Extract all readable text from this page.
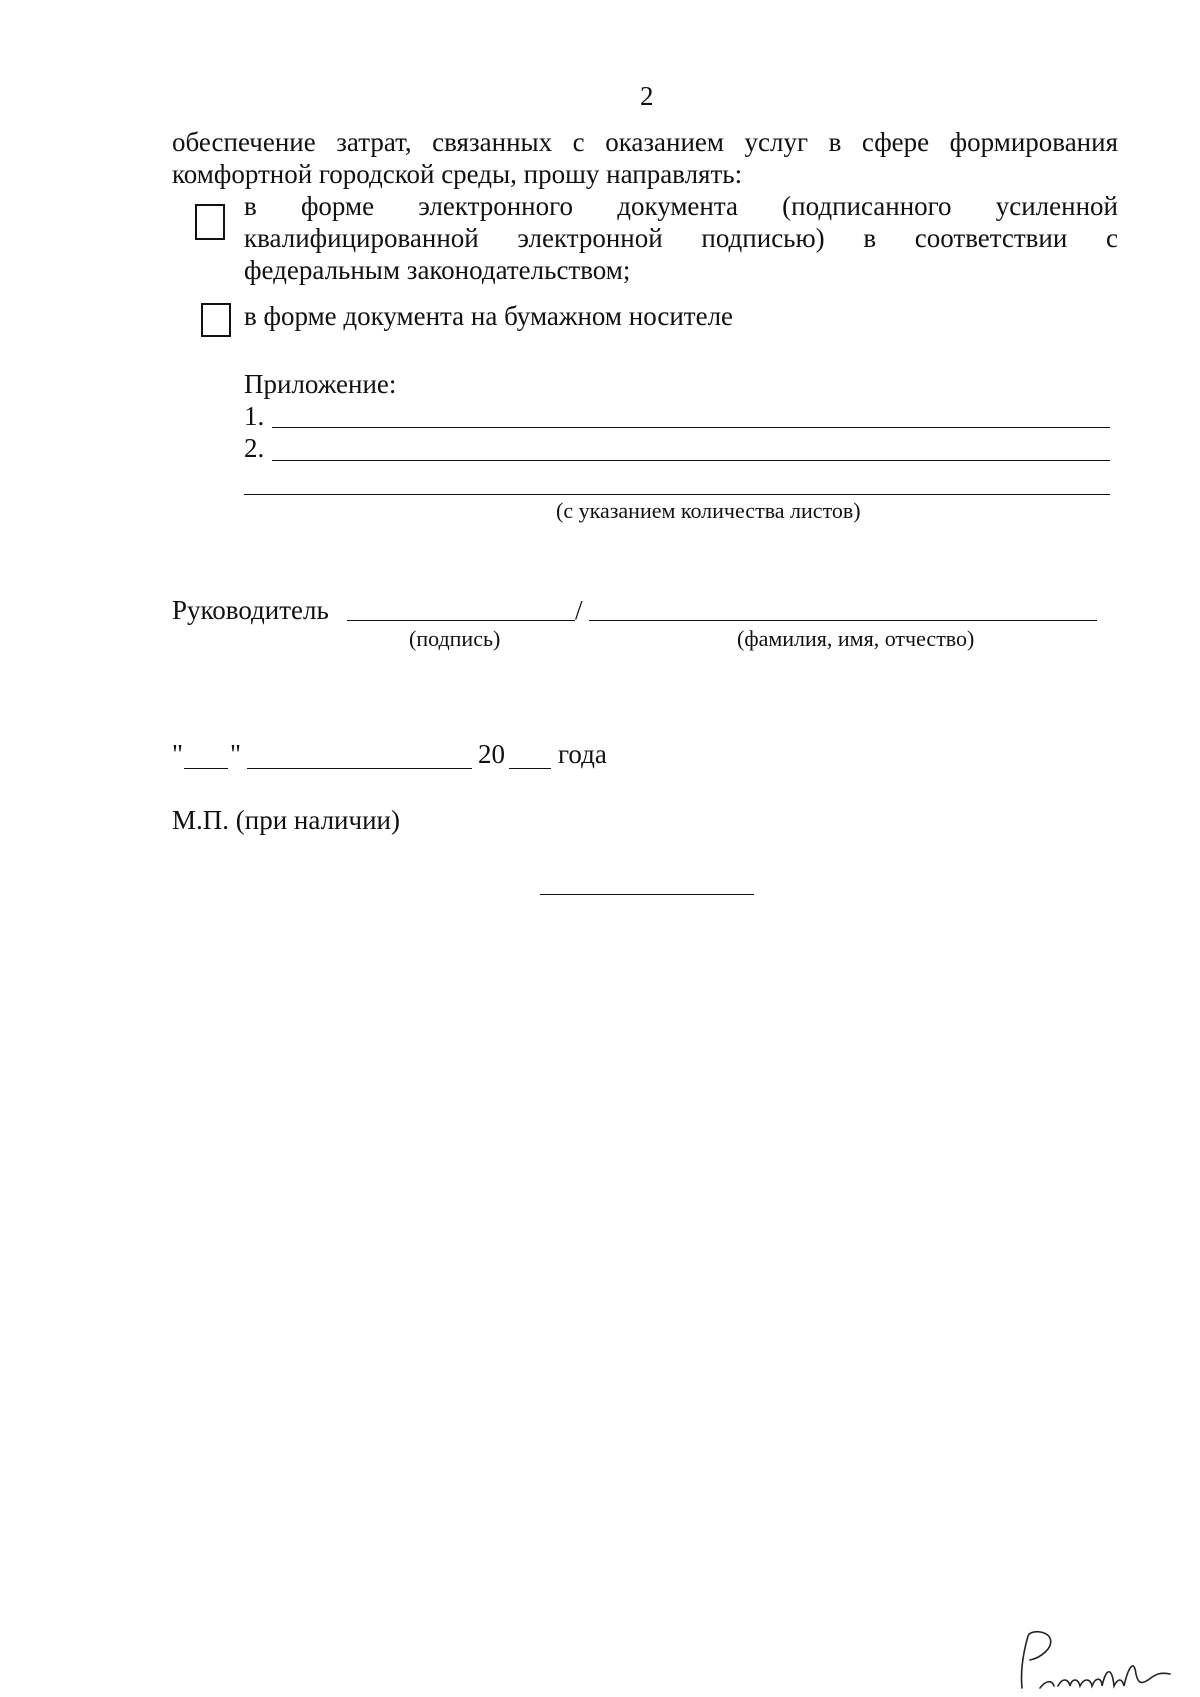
2
обеспечение затрат, связанных с оказанием услуг в сфере формирования
комфортной городской среды, прошу направлять:
в форме электронного документа (подписанного усиленной
квалифицированной электронной подписью) в соответствии с
федеральным законодательством;
в форме документа на бумажном носителе
Приложение:
1.
2.
(с указанием количества листов)
Руководитель	/
(подпись)	(фамилия, имя, отчество)
" "	20 года
М.П. (при наличии)
